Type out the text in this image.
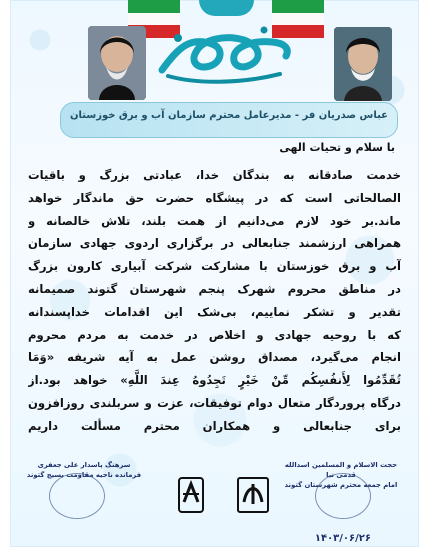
عباس صدریان فر - مدیرعامل محترم سازمان آب و برق خوزستان
با سلام و تحیات الهی
خدمت صادقانه به بندگان خدا، عبادتی بزرگ و باقیات
الصالحاتی است که در پیشگاه حضرت حق ماندگار خواهد
ماند.بر خود لازم می‌دانیم از همت بلند، تلاش خالصانه و
همراهی ارزشمند جنابعالی در برگزاری اردوی جهادی سازمان
آب و برق خوزستان با مشارکت شرکت آبیاری کارون بزرگ
در مناطق محروم شهرک پنجم شهرستان گتوند صمیمانه
تقدیر و تشکر نماییم، بی‌شک این اقدامات خداپسندانه
که با روحیه جهادی و اخلاص در خدمت به مردم محروم
انجام می‌گیرد، مصداق روشن عمل به آیه شریفه «وَمَا
تُقَدِّمُوا لِأَنفُسِكُم مِّنْ خَيْرٍ تَجِدُوهُ عِندَ اللَّهِ» خواهد بود.از
درگاه پروردگار متعال دوام توفیقات، عزت و سربلندی روزافزون
برای جنابعالی و همکاران محترم مسألت داریم
سرهنگ پاسدار علی جعفری
فرمانده ناحیه مقاومت بسیج گتوند
حجت الاسلام و المسلمین اسدالله قدمی نیا
امام جمعه محترم شهرستان گتوند
۱۴۰۳/۰۶/۲۶
